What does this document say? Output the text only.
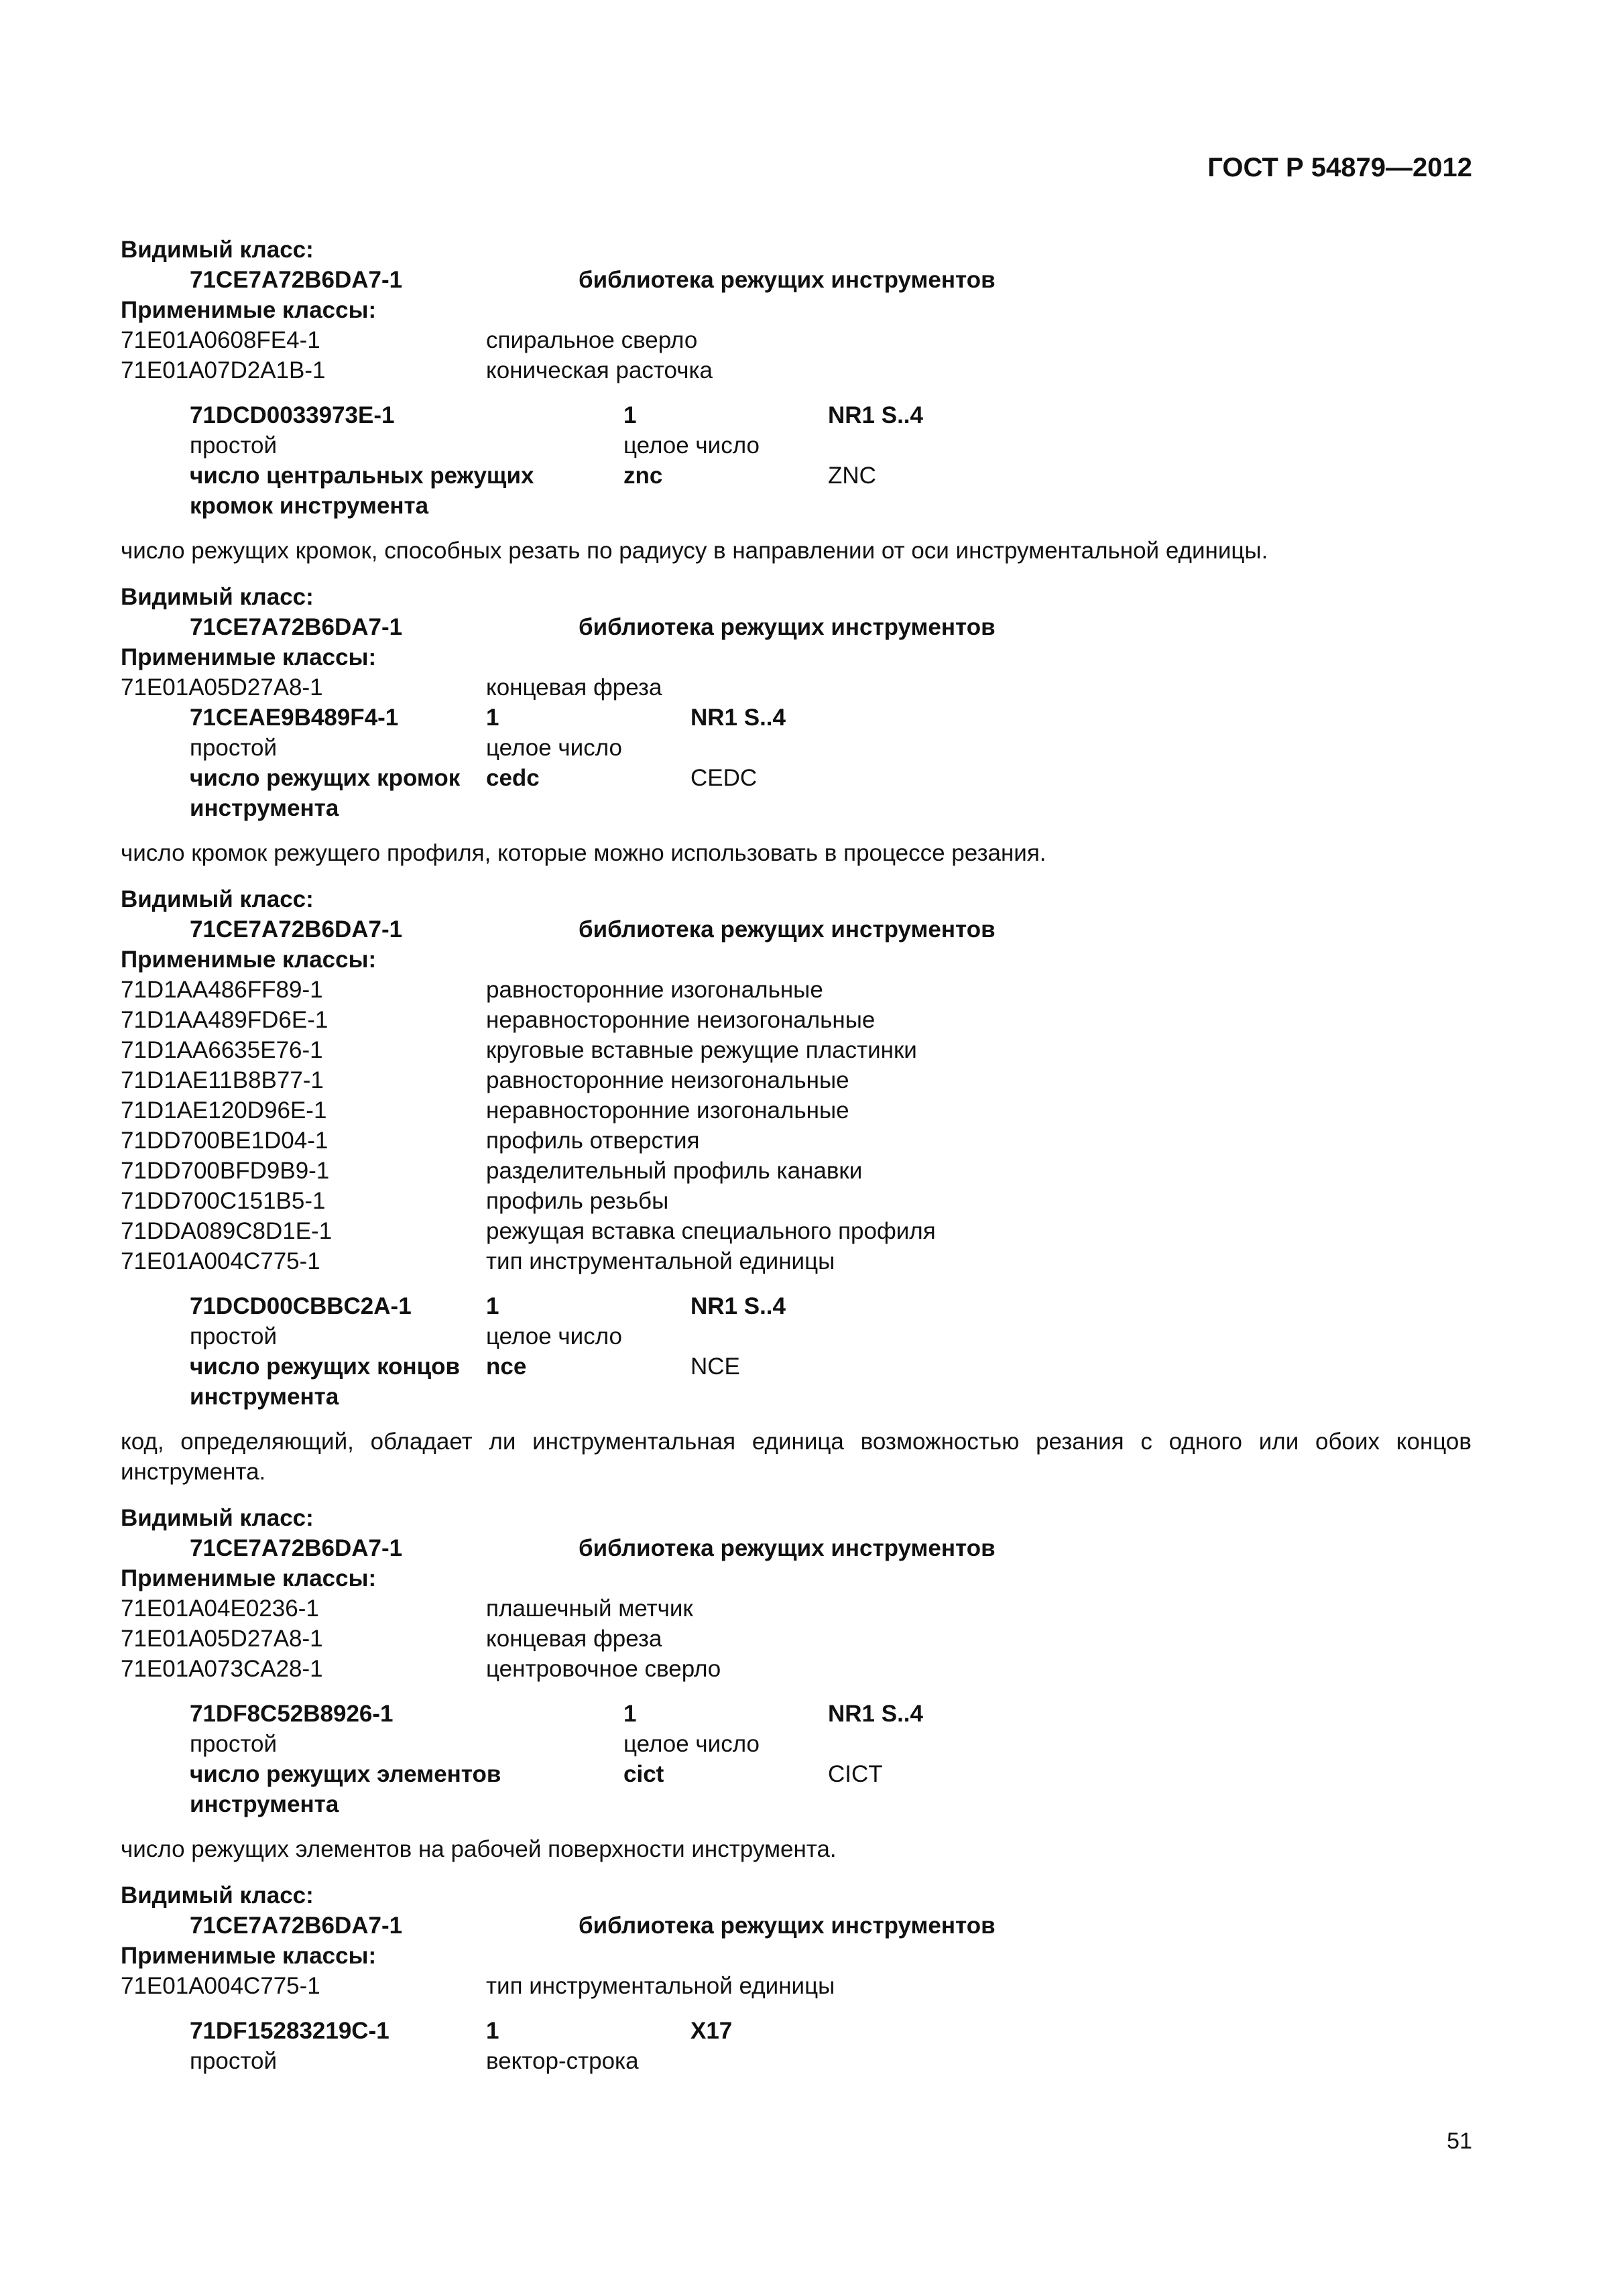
ГОСТ Р 54879—2012
Видимый класс:
71CE7A72B6DA7-1	библиотека режущих инструментов
Применимые классы:
71E01A0608FE4-1	спиральное сверло
71E01A07D2A1B-1	коническая расточка
71DCD0033973E-1	1	NR1 S..4
простой	целое число
число центральных режущих	znc	ZNC
кромок инструмента
число режущих кромок, способных резать по радиусу в направлении от оси инструментальной единицы.
Видимый класс:
71CE7A72B6DA7-1	библиотека режущих инструментов
Применимые классы:
71E01A05D27A8-1	концевая фреза
71CEAE9B489F4-1	1	NR1 S..4
простой	целое число
число режущих кромок	cedc	CEDC
инструмента
число кромок режущего профиля, которые можно использовать в процессе резания.
Видимый класс:
71CE7A72B6DA7-1	библиотека режущих инструментов
Применимые классы:
71D1AA486FF89-1	равносторонние изогональные
71D1AA489FD6E-1	неравносторонние неизогональные
71D1AA6635E76-1	круговые вставные режущие пластинки
71D1AE11B8B77-1	равносторонние неизогональные
71D1AE120D96E-1	неравносторонние изогональные
71DD700BE1D04-1	профиль отверстия
71DD700BFD9B9-1	разделительный профиль канавки
71DD700C151B5-1	профиль резьбы
71DDA089C8D1E-1	режущая вставка специального профиля
71E01A004C775-1	тип инструментальной единицы
71DCD00CBBC2A-1	1	NR1 S..4
простой	целое число
число режущих концов	nce	NCE
инструмента
код, определяющий, обладает ли инструментальная единица возможностью резания с одного или обоих концов инструмента.
Видимый класс:
71CE7A72B6DA7-1	библиотека режущих инструментов
Применимые классы:
71E01A04E0236-1	плашечный метчик
71E01A05D27A8-1	концевая фреза
71E01A073CA28-1	центровочное сверло
71DF8C52B8926-1	1	NR1 S..4
простой	целое число
число режущих элементов	cict	CICT
инструмента
число режущих элементов на рабочей поверхности инструмента.
Видимый класс:
71CE7A72B6DA7-1	библиотека режущих инструментов
Применимые классы:
71E01A004C775-1	тип инструментальной единицы
71DF15283219C-1	1	X17
простой	вектор-строка
51
